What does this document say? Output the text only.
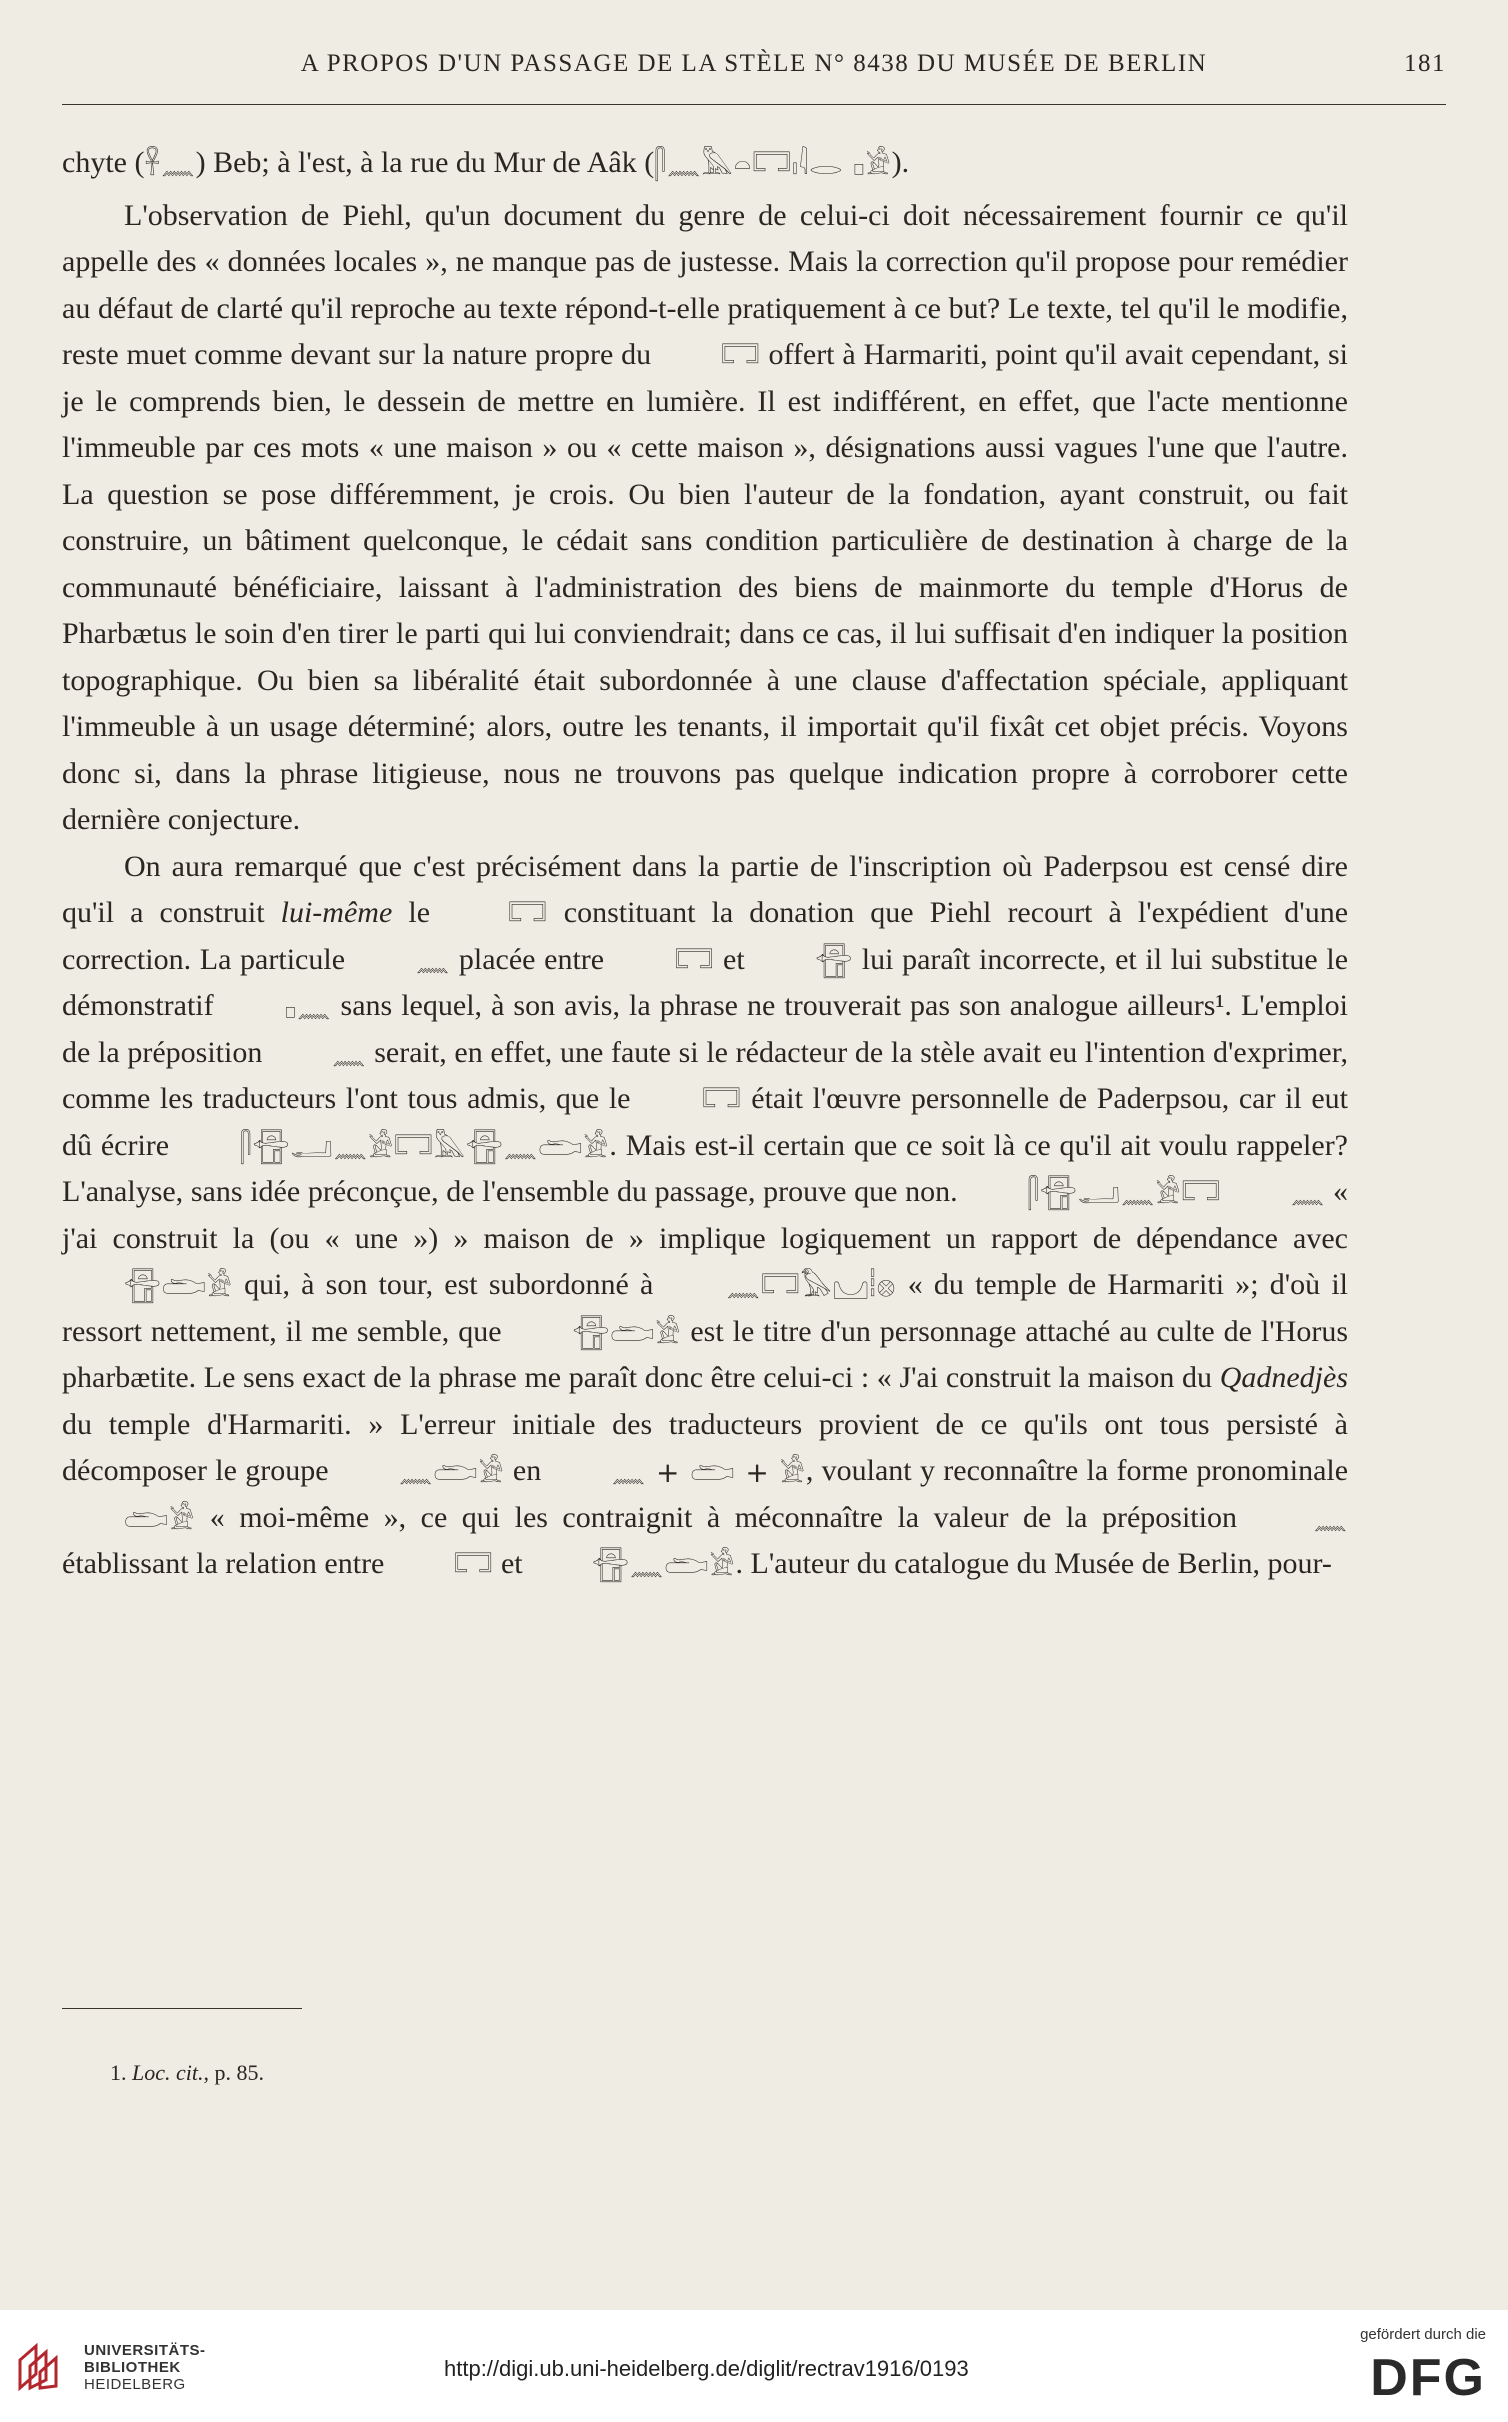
A PROPOS D'UN PASSAGE DE LA STÈLE N° 8438 DU MUSÉE DE BERLIN	181

chyte (𓋹𓈖) Beb; à l'est, à la rue du Mur de Aâk (𓋴𓈖𓅓𓏏𓉐𓏤𓇋𓂋 𓊪𓀀).

L'observation de Piehl, qu'un document du genre de celui-ci doit nécessairement fournir ce qu'il appelle des « données locales », ne manque pas de justesse. Mais la correction qu'il propose pour remédier au défaut de clarté qu'il reproche au texte répond-t-elle pratiquement à ce but? Le texte, tel qu'il le modifie, reste muet comme devant sur la nature propre du 𓉐 offert à Harmariti, point qu'il avait cependant, si je le comprends bien, le dessein de mettre en lumière. Il est indifférent, en effet, que l'acte mentionne l'immeuble par ces mots « une maison » ou « cette maison », désignations aussi vagues l'une que l'autre. La question se pose différemment, je crois. Ou bien l'auteur de la fondation, ayant construit, ou fait construire, un bâtiment quelconque, le cédait sans condition particulière de destination à charge de la communauté bénéficiaire, laissant à l'administration des biens de mainmorte du temple d'Horus de Pharbætus le soin d'en tirer le parti qui lui conviendrait; dans ce cas, il lui suffisait d'en indiquer la position topographique. Ou bien sa libéralité était subordonnée à une clause d'affectation spéciale, appliquant l'immeuble à un usage déterminé; alors, outre les tenants, il importait qu'il fixât cet objet précis. Voyons donc si, dans la phrase litigieuse, nous ne trouvons pas quelque indication propre à corroborer cette dernière conjecture.

On aura remarqué que c'est précisément dans la partie de l'inscription où Paderpsou est censé dire qu'il a construit lui-même le	𓉐 constituant la donation que Piehl recourt à l'expédient d'une correction. La particule	𓈖 placée entre	𓉐 et	𓉟 lui paraît incorrecte, et il lui substitue le démonstratif	𓊪𓈖 sans lequel, à son avis, la phrase ne trouverait pas son analogue ailleurs¹. L'emploi de la préposition 𓈖 serait, en effet, une faute si le rédacteur de la stèle avait eu l'intention d'exprimer, comme les traducteurs l'ont tous admis, que le	𓉐 était l'œuvre personnelle de Paderpsou, car il eut dû écrire	𓋴𓉟𓂝𓈖𓀀𓉐𓅓𓉟𓈖𓂧𓀀. Mais est-il certain que ce soit là ce qu'il ait voulu rappeler? L'analyse, sans idée préconçue, de l'ensemble du passage, prouve que non. 𓋴𓉟𓂝𓈖𓀀𓉐 𓈖 « j'ai construit la (ou « une ») » maison de » implique logiquement un rapport de dépendance avec 𓉟𓂧𓀀 qui, à son tour, est subordonné à	𓈖𓉐𓅃𓈋𓏪𓊖 « du temple de Harmariti »; d'où il ressort nettement, il me semble, que	𓉟𓂧𓀀 est le titre d'un personnage attaché au culte de l'Horus pharbætite. Le sens exact de la phrase me paraît donc être celui-ci : « J'ai construit la maison du Qadnedjès du temple d'Harmariti. » L'erreur initiale des traducteurs provient de ce qu'ils ont tous persisté à décomposer le groupe	𓈖𓂧𓀀 en	𓈖 + 𓂧 + 𓀀, voulant y reconnaître la forme pronominale 𓂧𓀀 « moi-même », ce qui les contraignit à méconnaître la valeur de la préposition	𓈖 établissant la relation entre 𓉐 et 𓉟𓈖𓂧𓀀. L'auteur du catalogue du Musée de Berlin, pour-

1. Loc. cit., p. 85.
UNIVERSITÄTS-
BIBLIOTHEK
HEIDELBERG
http://digi.ub.uni-heidelberg.de/diglit/rectrav1916/0193
gefördert durch die
DFG
